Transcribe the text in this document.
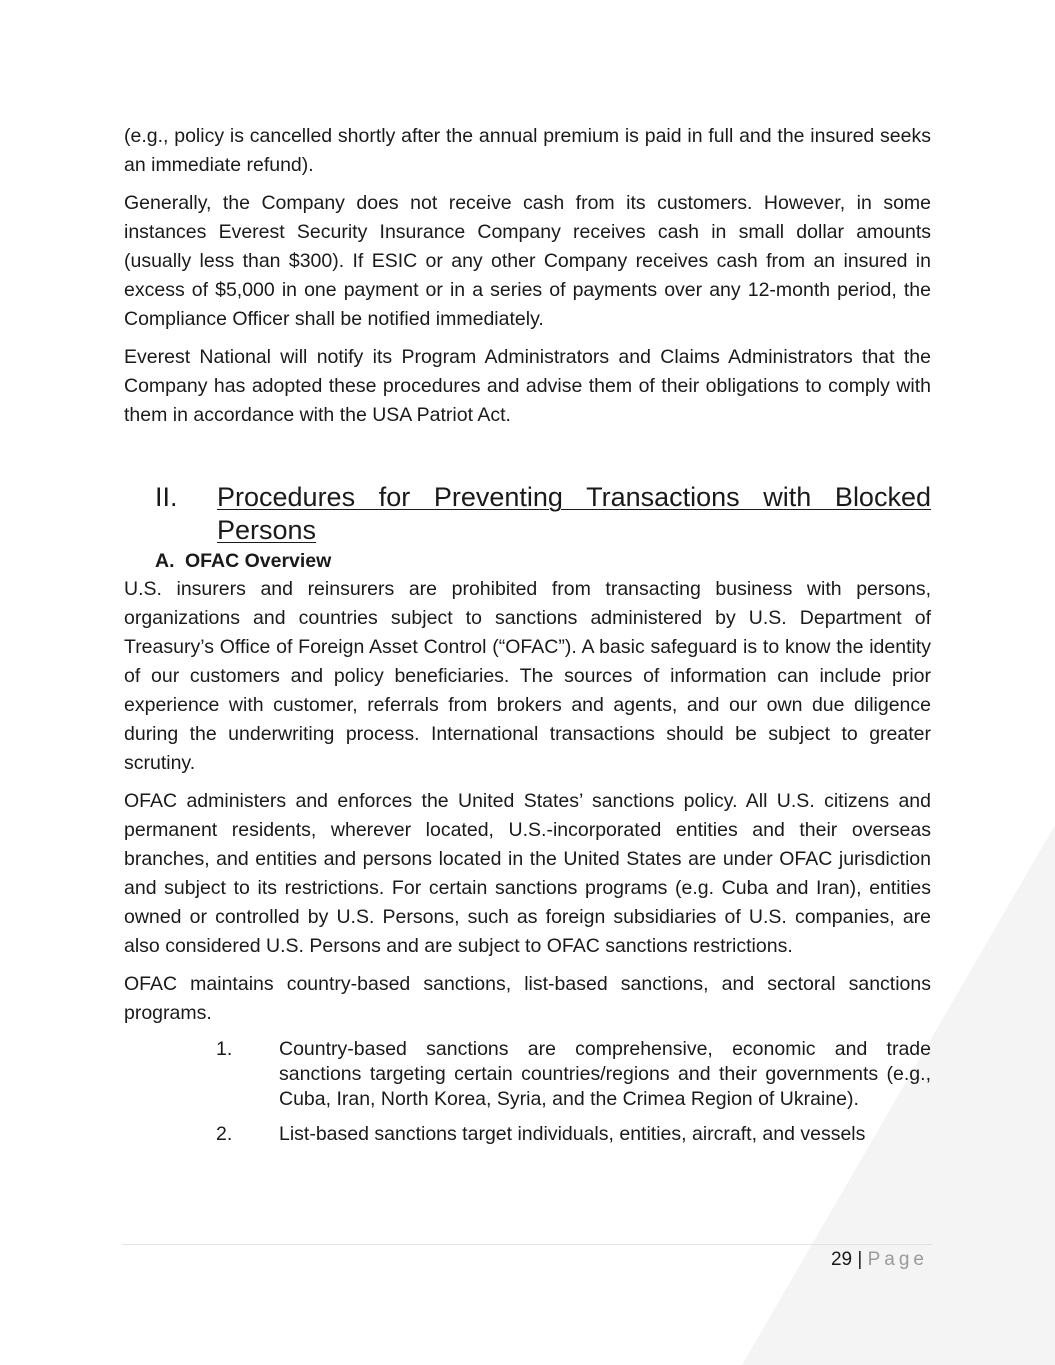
(e.g., policy is cancelled shortly after the annual premium is paid in full and the insured seeks an immediate refund).

Generally, the Company does not receive cash from its customers. However, in some instances Everest Security Insurance Company receives cash in small dollar amounts (usually less than $300). If ESIC or any other Company receives cash from an insured in excess of $5,000 in one payment or in a series of payments over any 12-month period, the Compliance Officer shall be notified immediately.

Everest National will notify its Program Administrators and Claims Administrators that the Company has adopted these procedures and advise them of their obligations to comply with them in accordance with the USA Patriot Act.

II.	Procedures for Preventing Transactions with Blocked Persons
A. OFAC Overview

U.S. insurers and reinsurers are prohibited from transacting business with persons, organizations and countries subject to sanctions administered by U.S. Department of Treasury’s Office of Foreign Asset Control (“OFAC”). A basic safeguard is to know the identity of our customers and policy beneficiaries. The sources of information can include prior experience with customer, referrals from brokers and agents, and our own due diligence during the underwriting process. International transactions should be subject to greater scrutiny.

OFAC administers and enforces the United States’ sanctions policy. All U.S. citizens and permanent residents, wherever located, U.S.-incorporated entities and their overseas branches, and entities and persons located in the United States are under OFAC jurisdiction and subject to its restrictions. For certain sanctions programs (e.g. Cuba and Iran), entities owned or controlled by U.S. Persons, such as foreign subsidiaries of U.S. companies, are also considered U.S. Persons and are subject to OFAC sanctions restrictions.

OFAC maintains country-based sanctions, list-based sanctions, and sectoral sanctions programs.

1.	Country-based sanctions are comprehensive, economic and trade sanctions targeting certain countries/regions and their governments (e.g., Cuba, Iran, North Korea, Syria, and the Crimea Region of Ukraine).
2.	List-based sanctions target individuals, entities, aircraft, and vessels
29 | Page
